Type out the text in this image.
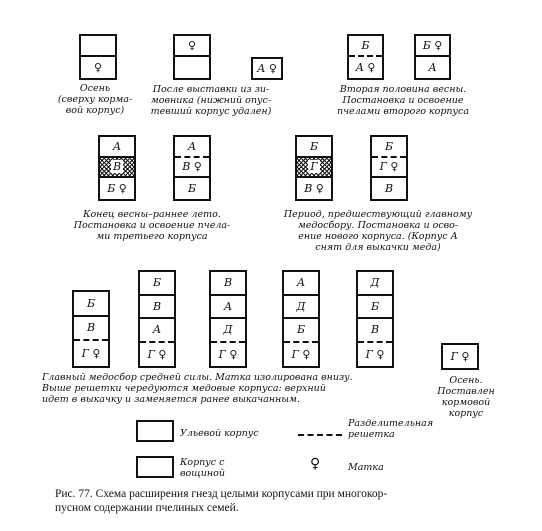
♀
♀
А ♀
Б
А ♀
Б ♀
А
А
В
Б ♀
А
В ♀
Б
Б
Г
В ♀
Б
Г ♀
В
Б
В
Г ♀
Б
В
А
Г ♀
В
А
Д
Г ♀
А
Д
Б
Г ♀
Д
Б
В
Г ♀	Г ♀
Осень
(сверху корма-
вой корпус)
После выставки из зи-
мовника (нижний опус-
тевший корпус удален)
Вторая половина весны.
Постановка и освоение
пчелами второго корпуса
Конец весны–раннее лето.
Постановка и освоение пчела-
ми третьего корпуса
Период, предшествующий главному
медосбору. Постановка и осво-
ение нового корпуса. (Корпус А
снят для выкачки меда)
Главный медосбор средней силы. Матка изолирована внизу.
Выше решетки чередуются медовые корпуса: верхний
идет в выкачку и заменяется ранее выкачанным.
Осень.
Поставлен
кормовой
корпус
Ульевой корпус
Разделительная
решетка
Корпус с
вощиной
♀	Матка
Рис. 77. Схема расширения гнезд целыми корпусами при многокор-
пусном содержании пчелиных семей.
